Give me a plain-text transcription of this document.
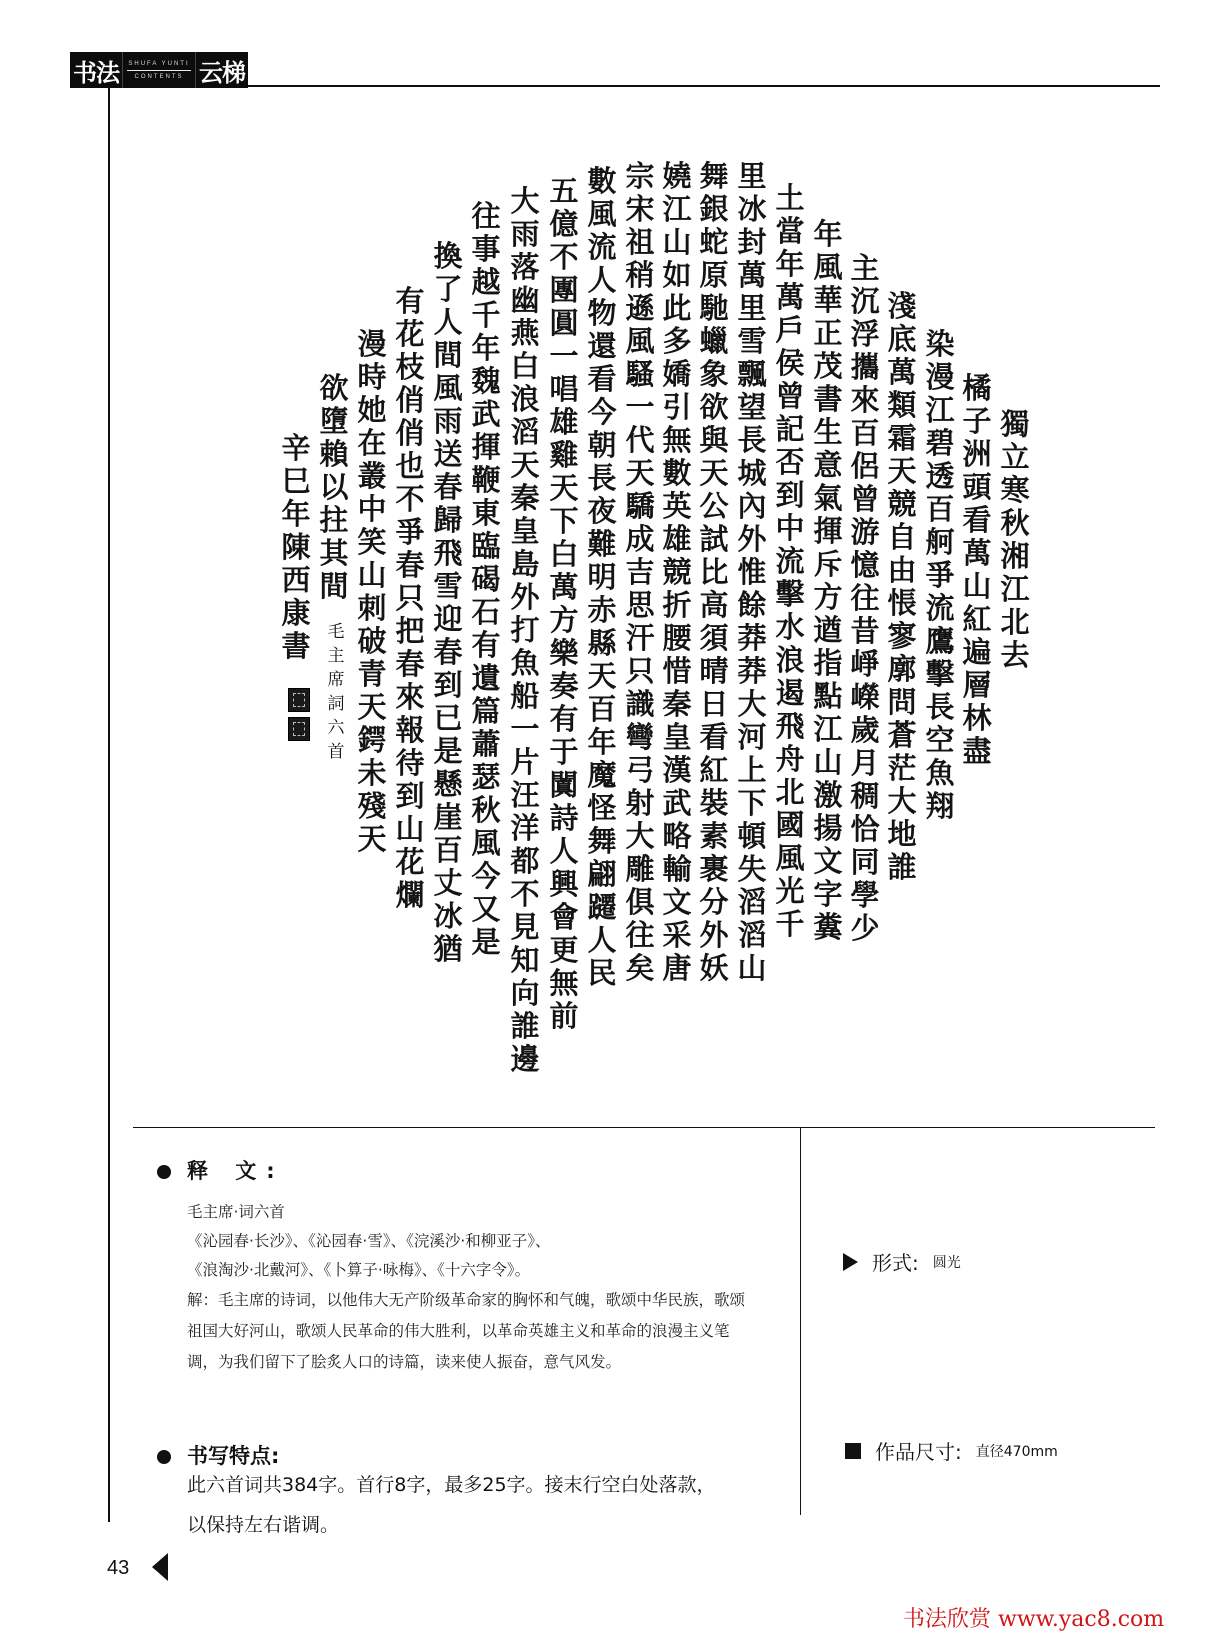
书法	SHUFA YUNTI
CONTENTS 云梯
獨
立
寒
秋
湘
江
北
去
橘
子
洲
頭
看
萬
山
紅
遍
層
林
盡
染
漫
江
碧
透
百
舸
爭
流
鷹
擊
長
空
魚
翔
淺
底
萬
類
霜
天
競
自
由
悵
寥
廓
問
蒼
茫
大
地
誰
主
沉
浮
攜
來
百
侶
曾
游
憶
往
昔
崢
嶸
歲
月
稠
恰
同
學
少
年
風
華
正
茂
書
生
意
氣
揮
斥
方
遒
指
點
江
山
激
揚
文
字
糞
土
當
年
萬
戶
侯
曾
記
否
到
中
流
擊
水
浪
遏
飛
舟
北
國
風
光
千
里
冰
封
萬
里
雪
飄
望
長
城
內
外
惟
餘
莽
莽
大
河
上
下
頓
失
滔
滔
山
舞
銀
蛇
原
馳
蠟
象
欲
與
天
公
試
比
高
須
晴
日
看
紅
裝
素
裹
分
外
妖
嬈
江
山
如
此
多
嬌
引
無
數
英
雄
競
折
腰
惜
秦
皇
漢
武
略
輸
文
采
唐
宗
宋
祖
稍
遜
風
騷
一
代
天
驕
成
吉
思
汗
只
識
彎
弓
射
大
雕
俱
往
矣
數
風
流
人
物
還
看
今
朝
長
夜
難
明
赤
縣
天
百
年
魔
怪
舞
翩
躚
人
民
五
億
不
團
圓
一
唱
雄
雞
天
下
白
萬
方
樂
奏
有
于
闐
詩
人
興
會
更
無
前
大
雨
落
幽
燕
白
浪
滔
天
秦
皇
島
外
打
魚
船
一
片
汪
洋
都
不
見
知
向
誰
邊
往
事
越
千
年
魏
武
揮
鞭
東
臨
碣
石
有
遺
篇
蕭
瑟
秋
風
今
又
是
換
了
人
間
風
雨
送
春
歸
飛
雪
迎
春
到
已
是
懸
崖
百
丈
冰
猶
有
花
枝
俏
俏
也
不
爭
春
只
把
春
來
報
待
到
山
花
爛
漫
時
她
在
叢
中
笑
山
刺
破
青
天
鍔
未
殘
天
欲
墮
賴
以
拄
其
間
辛
巳
年
陳
西
康
書 毛
主
席
詞
六
首
释 文:
毛主席·词六首
《沁园春·长沙》、《沁园春·雪》、《浣溪沙·和柳亚子》、
《浪淘沙·北戴河》、《卜算子·咏梅》、《十六字令》。
解：毛主席的诗词，以他伟大无产阶级革命家的胸怀和气魄，歌颂中华民族，歌颂祖国大好河山，歌颂人民革命的伟大胜利，以革命英雄主义和革命的浪漫主义笔调，为我们留下了脍炙人口的诗篇，读来使人振奋，意气风发。
书写特点:
此六首词共384字。首行8字，最多25字。接末行空白处落款，以保持左右谐调。
形式: 圆光
作品尺寸: 直径470mm
43
书法欣赏 www.yac8.com
